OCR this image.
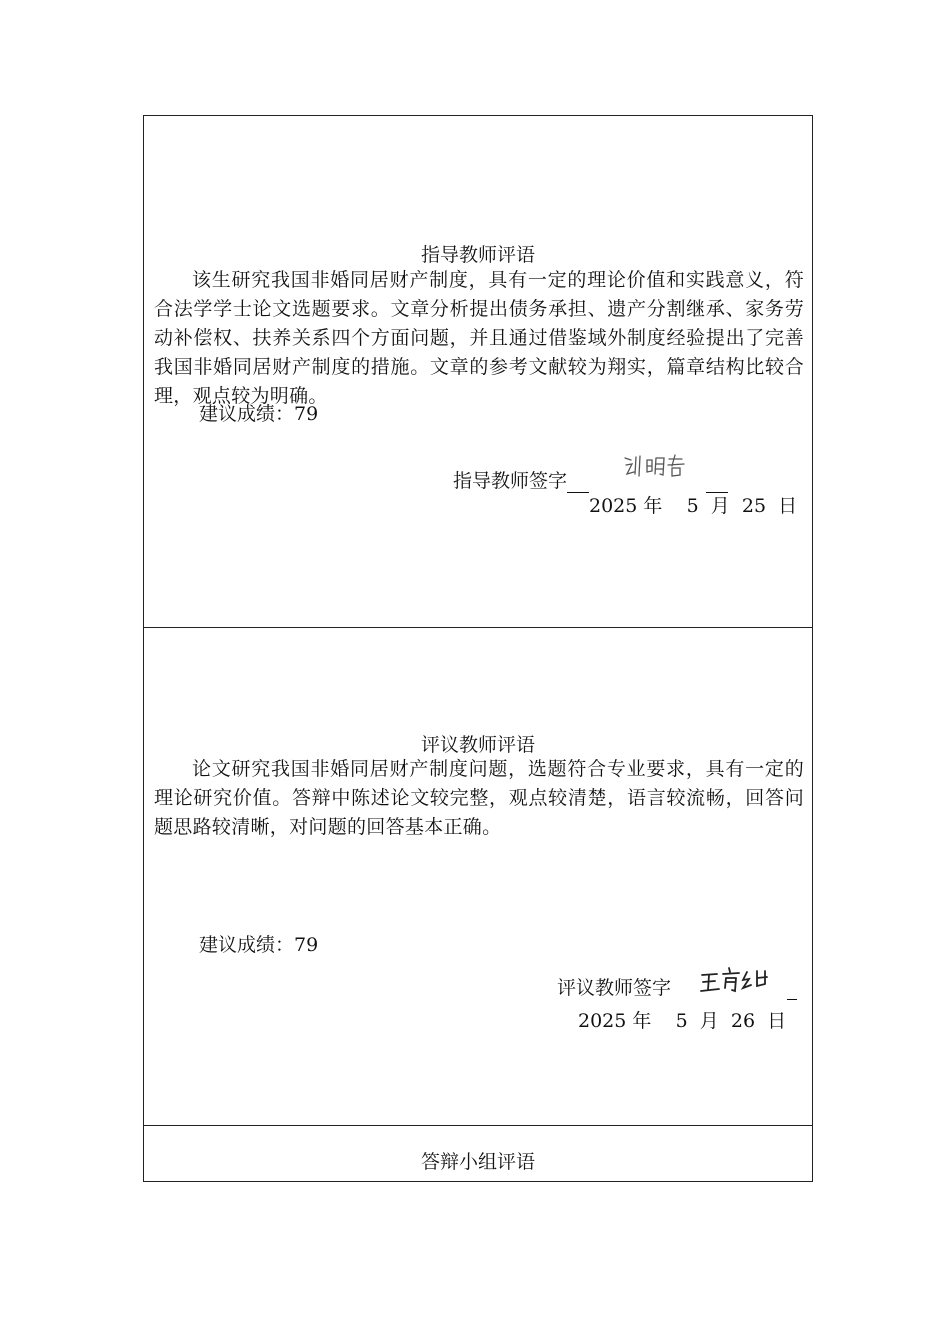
指导教师评语

该生研究我国非婚同居财产制度，具有一定的理论价值和实践意义，符合法学学士论文选题要求。文章分析提出债务承担、遗产分割继承、家务劳动补偿权、扶养关系四个方面问题，并且通过借鉴域外制度经验提出了完善我国非婚同居财产制度的措施。文章的参考文献较为翔实，篇章结构比较合理，观点较为明确。

建议成绩：79
指导教师签字
2025 年 5 月 25 日
评议教师评语

论文研究我国非婚同居财产制度问题，选题符合专业要求，具有一定的理论研究价值。答辩中陈述论文较完整，观点较清楚，语言较流畅，回答问题思路较清晰，对问题的回答基本正确。

建议成绩：79
评议教师签字
2025 年 5 月 26 日
答辩小组评语
